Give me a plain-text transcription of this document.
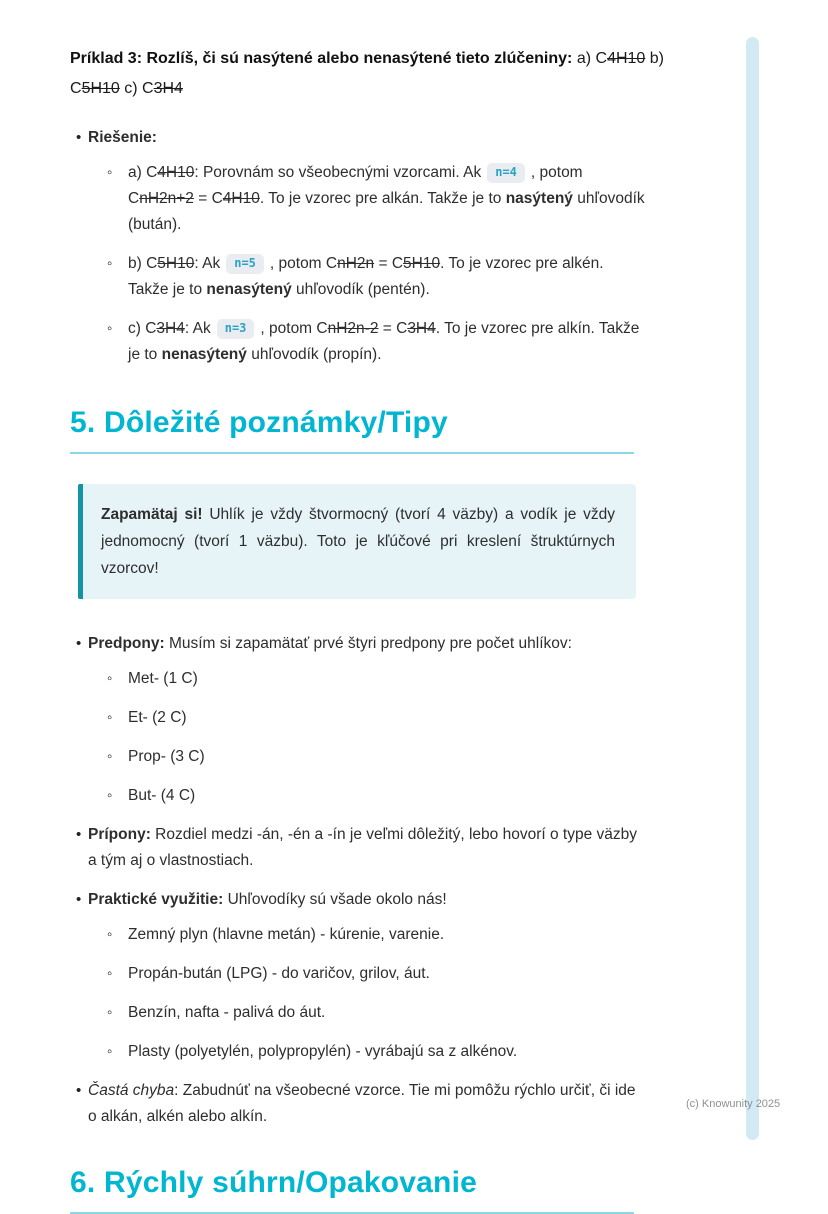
Príklad 3: Rozlíš, či sú nasýtené alebo nenasýtené tieto zlúčeniny: a) C4H10 b) C5H10 c) C3H4

• Riešenie:
◦	a) C4H10: Porovnám so všeobecnými vzorcami. Ak n=4 , potom CnH2n+2 = C4H10. To je vzorec pre alkán. Takže je to nasýtený uhľovodík (bután).
◦	b) C5H10: Ak n=5 , potom CnH2n = C5H10. To je vzorec pre alkén. Takže je to nenasýtený uhľovodík (pentén).
◦	c) C3H4: Ak n=3 , potom CnH2n-2 = C3H4. To je vzorec pre alkín. Takže je to nenasýtený uhľovodík (propín).
5. Dôležité poznámky/Tipy

Zapamätaj si! Uhlík je vždy štvormocný (tvorí 4 väzby) a vodík je vždy jednomocný (tvorí 1 väzbu). Toto je kľúčové pri kreslení štruktúrnych vzorcov!

• Predpony: Musím si zapamätať prvé štyri predpony pre počet uhlíkov:
◦	Met- (1 C)
◦	Et- (2 C)
◦	Prop- (3 C)
◦	But- (4 C)
• Prípony: Rozdiel medzi -án, -én a -ín je veľmi dôležitý, lebo hovorí o type väzby a tým aj o vlastnostiach.
• Praktické využitie: Uhľovodíky sú všade okolo nás!
◦	Zemný plyn (hlavne metán) - kúrenie, varenie.
◦	Propán-bután (LPG) - do varičov, grilov, áut.
◦	Benzín, nafta - palivá do áut.
◦	Plasty (polyetylén, polypropylén) - vyrábajú sa z alkénov.
• Častá chyba: Zabudnúť na všeobecné vzorce. Tie mi pomôžu rýchlo určiť, či ide o alkán, alkén alebo alkín.
6. Rýchly súhrn/Opakovanie
(c) Knowunity 2025
